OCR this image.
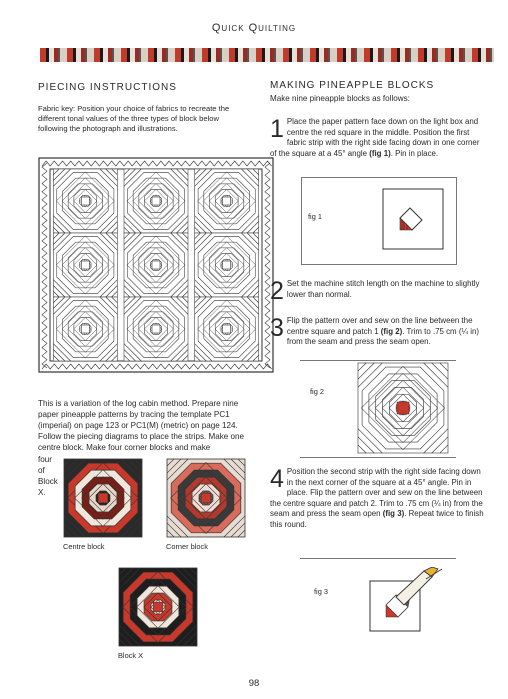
Quick Quilting
PIECING INSTRUCTIONS
Fabric key: Position your choice of fabrics to recreate the different tonal values of the three types of block below following the photograph and illustrations.
This is a variation of the log cabin method. Prepare nine paper pineapple patterns by tracing the template PC1 (imperial) on page 123 or PC1(M) (metric) on page 124. Follow the piecing diagrams to place the strips. Make one centre block. Make four corner blocks and make
four of Block X.
Centre block	Corner block
Block X
MAKING PINEAPPLE BLOCKS
Make nine pineapple blocks as follows:
1 Place the paper pattern face down on the light box and centre the red square in the middle. Position the first fabric strip with the right side facing down in one corner of the square at a 45° angle (fig 1). Pin in place.
fig 1
2 Set the machine stitch length on the machine to slightly lower than normal.
3 Flip the pattern over and sew on the line between the centre square and patch 1 (fig 2). Trim to .75 cm (¼ in) from the seam and press the seam open.
fig 2
4 Position the second strip with the right side facing down in the next corner of the square at a 45° angle. Pin in place. Flip the pattern over and sew on the line between the centre square and patch 2. Trim to .75 cm (¼ in) from the seam and press the seam open (fig 3). Repeat twice to finish this round.
fig 3
98
